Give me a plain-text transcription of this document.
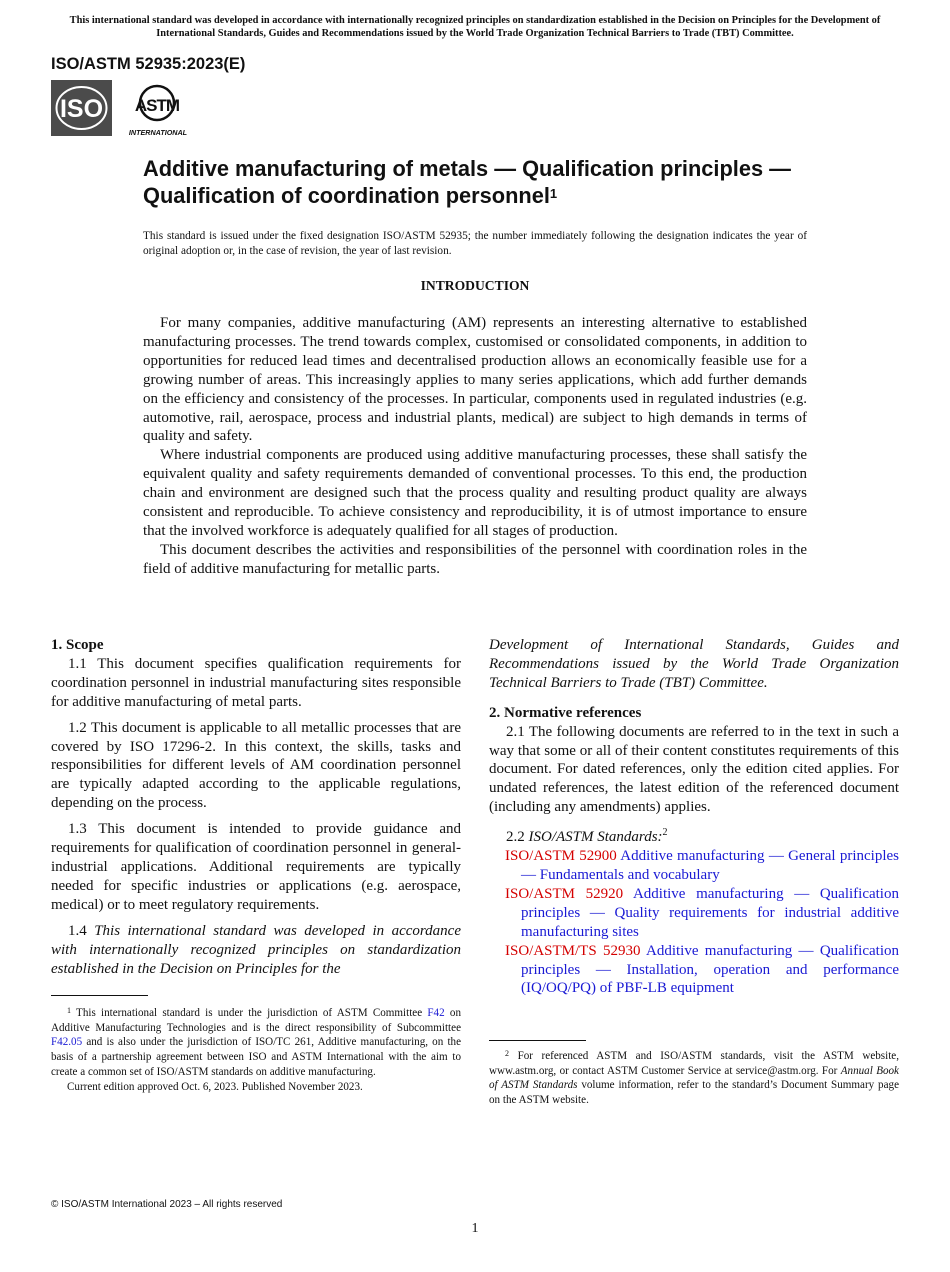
This international standard was developed in accordance with internationally recognized principles on standardization established in the Decision on Principles for the Development of International Standards, Guides and Recommendations issued by the World Trade Organization Technical Barriers to Trade (TBT) Committee.
ISO/ASTM 52935:2023(E)
ISO ASTM
INTERNATIONAL
Additive manufacturing of metals — Qualification principles — Qualification of coordination personnel$^1$
This standard is issued under the fixed designation ISO/ASTM 52935; the number immediately following the designation indicates the year of original adoption or, in the case of revision, the year of last revision.
INTRODUCTION

For many companies, additive manufacturing (AM) represents an interesting alternative to established manufacturing processes. The trend towards complex, customised or consolidated components, in addition to opportunities for reduced lead times and decentralised production allows an economically feasible use for a growing number of areas. This increasingly applies to many series applications, which add further demands on the efficiency and consistency of the processes. In particular, components used in regulated industries (e.g. automotive, rail, aerospace, process and industrial plants, medical) are subject to high demands in terms of quality and safety.

Where industrial components are produced using additive manufacturing processes, these shall satisfy the equivalent quality and safety requirements demanded of conventional processes. To this end, the production chain and environment are designed such that the process quality and resulting product quality are always consistent and reproducible. To achieve consistency and reproducibility, it is of utmost importance to ensure that the involved workforce is adequately qualified for all stages of production.

This document describes the activities and responsibilities of the personnel with coordination roles in the field of additive manufacturing for metallic parts.

1. Scope

1.1 This document specifies qualification requirements for coordination personnel in industrial manufacturing sites responsible for additive manufacturing of metal parts.

1.2 This document is applicable to all metallic processes that are covered by ISO 17296-2. In this context, the skills, tasks and responsibilities for different levels of AM coordination personnel are typically adapted according to the applicable regulations, depending on the process.

1.3 This document is intended to provide guidance and requirements for qualification of coordination personnel in general-industrial applications. Additional requirements are typically needed for specific industries or applications (e.g. aerospace, medical) or to meet regulatory requirements.

1.4 This international standard was developed in accordance with internationally recognized principles on standardization established in the Decision on Principles for the

$^1$ This international standard is under the jurisdiction of ASTM Committee F42 on Additive Manufacturing Technologies and is the direct responsibility of Subcommittee F42.05 and is also under the jurisdiction of ISO/TC 261, Additive manufacturing, on the basis of a partnership agreement between ISO and ASTM International with the aim to create a common set of ISO/ASTM standards on additive manufacturing.

Current edition approved Oct. 6, 2023. Published November 2023.

Development of International Standards, Guides and Recommendations issued by the World Trade Organization Technical Barriers to Trade (TBT) Committee.

2. Normative references

2.1 The following documents are referred to in the text in such a way that some or all of their content constitutes requirements of this document. For dated references, only the edition cited applies. For undated references, the latest edition of the referenced document (including any amendments) applies.

2.2 ISO/ASTM Standards:$^2$

ISO/ASTM 52900 Additive manufacturing — General principles — Fundamentals and vocabulary

ISO/ASTM 52920 Additive manufacturing — Qualification principles — Quality requirements for industrial additive manufacturing sites

ISO/ASTM/TS 52930 Additive manufacturing — Qualification principles — Installation, operation and performance (IQ/OQ/PQ) of PBF-LB equipment

$^2$ For referenced ASTM and ISO/ASTM standards, visit the ASTM website, www.astm.org, or contact ASTM Customer Service at service@astm.org. For Annual Book of ASTM Standards volume information, refer to the standard’s Document Summary page on the ASTM website.

© ISO/ASTM International 2023 – All rights reserved
1
